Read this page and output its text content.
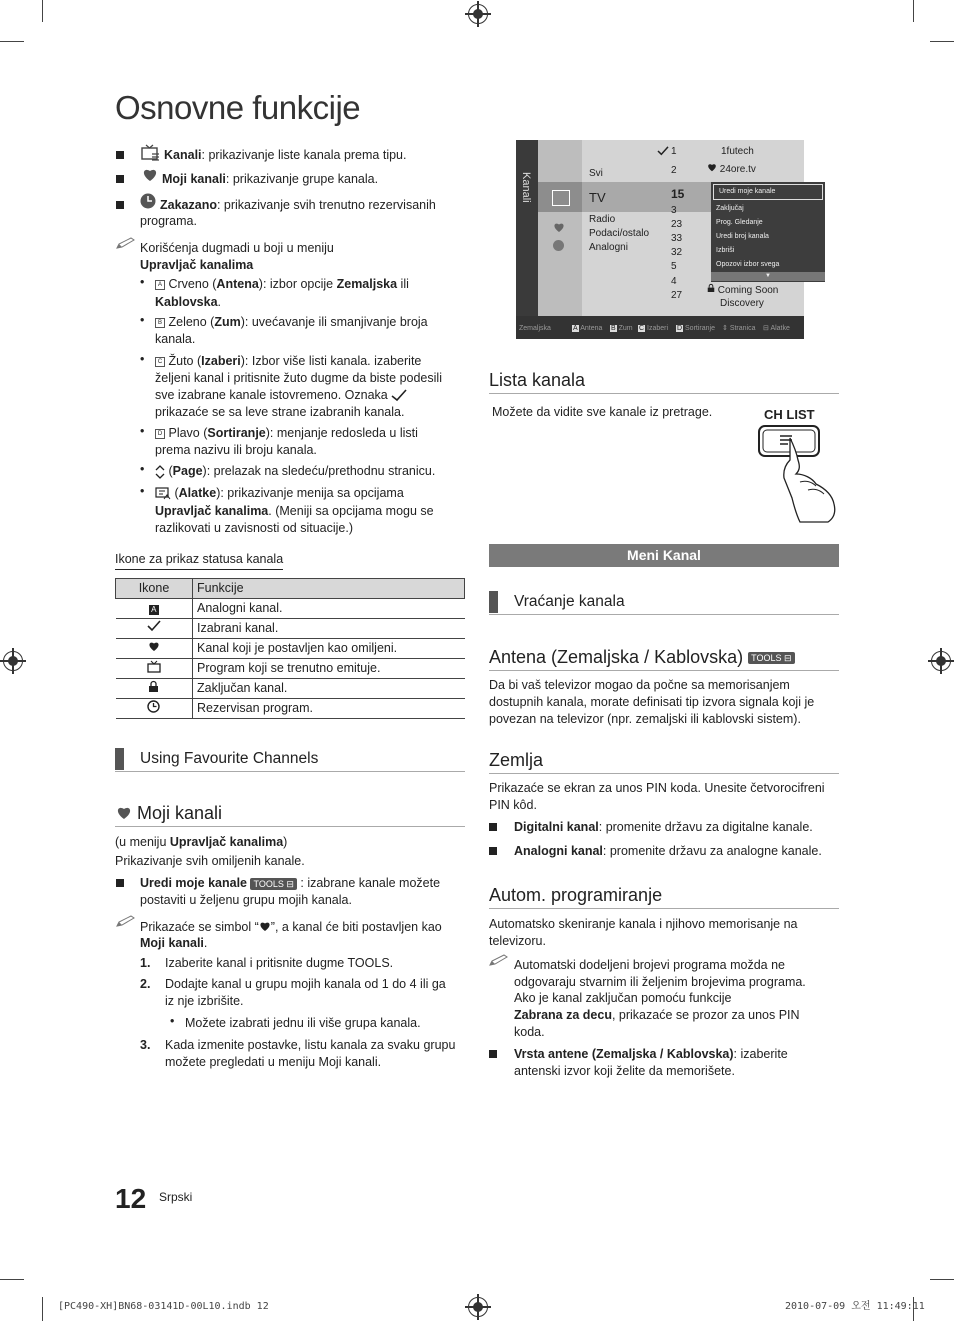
Osnovne funkcije
Kanali: prikazivanje liste kanala prema tipu.
Moji kanali: prikazivanje grupe kanala.
Zakazano: prikazivanje svih trenutno rezervisanih
programa.
Korišćenja dugmadi u boji u meniju
Upravljač kanalima
•	A Crveno (Antena): izbor opcije Zemaljska ili
Kablovska.
•	B Zeleno (Zum): uvećavanje ili smanjivanje broja
kanala.
•	C Žuto (Izaberi): Izbor više listi kanala. izaberite
željeni kanal i pritisnite žuto dugme da biste podesili
sve izabrane kanale istovremeno. Oznaka
prikazaće se sa leve strane izabranih kanala.
•	D Plavo (Sortiranje): menjanje redosleda u listi
prema nazivu ili broju kanala.
•	(Page): prelazak na sledeću/prethodnu stranicu.
•	(Alatke): prikazivanje menija sa opcijama
Upravljač kanalima. (Meniji sa opcijama mogu se
razlikovati u zavisnosti od situacije.)
Ikone za prikaz statusa kanala
Ikone	Funkcije
A	Analogni kanal.
	Izabrani kanal.
	Kanal koji je postavljen kao omiljeni.
	Program koji se trenutno emituje.
	Zaključan kanal.
	Rezervisan program.
Using Favourite Channels
Moji kanali
(u meniju Upravljač kanalima)
Prikazivanje svih omiljenih kanale.
Uredi moje kanale TOOLS ⊟ : izabrane kanale možete
postaviti u željenu grupu mojih kanala.
Prikazaće se simbol “ ”, a kanal će biti postavljen kao
Moji kanali.
1. Izaberite kanal i pritisnite dugme TOOLS.
2. Dodajte kanal u grupu mojih kanala od 1 do 4 ili ga
iz nje izbrišite.
• Možete izabrati jednu ili više grupa kanala.
3. Kada izmenite postavke, listu kanala za svaku grupu
možete pregledati u meniju Moji kanali.
Kanali	Svi
TV
Radio
Podaci/ostalo
Analogni
1
2
15
3
23
33
32
5
4
27
1futech
24ore.tv
Coming Soon
Discovery
Uredi moje kanale
Zaključaj
Prog. Gledanje
Uredi broj kanala
Izbriši
Opozovi izbor svega
▼
Zemaljska	A Antena B Zum C Izaberi D Sortiranje ⇕ Stranica ⊟ Alatke
Lista kanala
Možete da vidite sve kanale iz pretrage.	CH LIST
Meni Kanal
Vraćanje kanala
Antena (Zemaljska / Kablovska) TOOLS ⊟
Da bi vaš televizor mogao da počne sa memorisanjem
dostupnih kanala, morate definisati tip izvora signala koji je
povezan na televizor (npr. zemaljski ili kablovski sistem).
Zemlja
Prikazaće se ekran za unos PIN koda. Unesite četvorocifreni
PIN kôd.
Digitalni kanal: promenite državu za digitalne kanale.
Analogni kanal: promenite državu za analogne kanale.
Autom. programiranje
Automatsko skeniranje kanala i njihovo memorisanje na
televizoru.
Automatski dodeljeni brojevi programa možda ne
odgovaraju stvarnim ili željenim brojevima programa.
Ako je kanal zaključan pomoću funkcije
Zabrana za decu, prikazaće se prozor za unos PIN
koda.
Vrsta antene (Zemaljska / Kablovska): izaberite
antenski izvor koji želite da memorišete.
12 Srpski
[PC490-XH]BN68-03141D-00L10.indb 12	2010-07-09 오전 11:49:11
